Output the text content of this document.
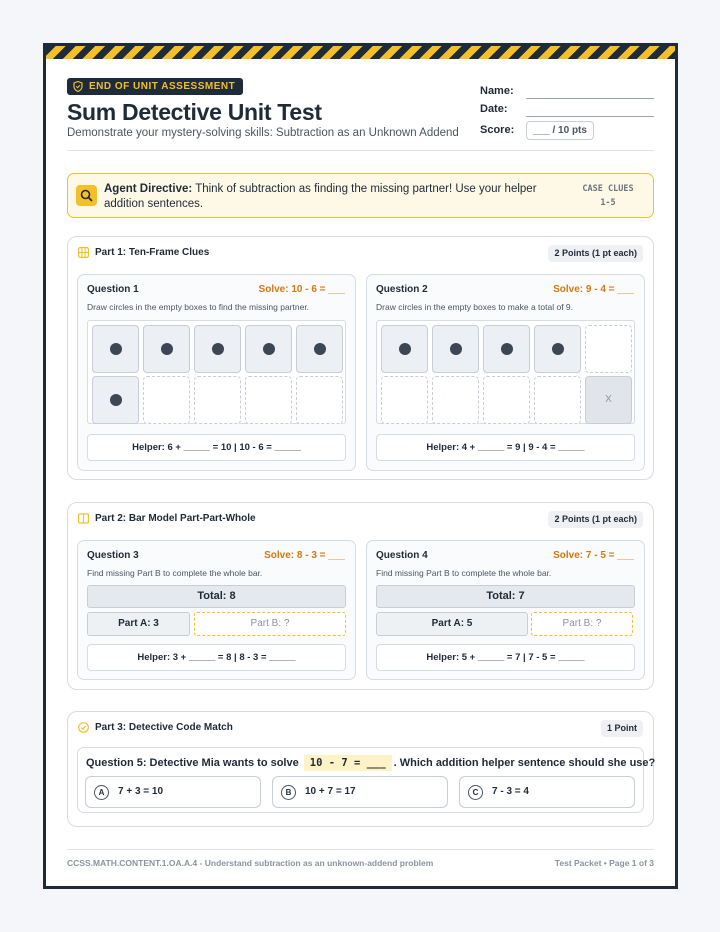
END OF UNIT ASSESSMENT
Sum Detective Unit Test
Demonstrate your mystery-solving skills: Subtraction as an Unknown Addend
Name:
Date:
Score:	___ / 10 pts
Agent Directive: Think of subtraction as finding the missing partner! Use your helper addition sentences.
CASE CLUES 1-5
Part 1: Ten-Frame Clues	2 Points (1 pt each)
Question 1	Solve: 10 - 6 = ___
Draw circles in the empty boxes to find the missing partner.
Helper: 6 + _____ = 10 | 10 - 6 = _____
Question 2	Solve: 9 - 4 = ___
Draw circles in the empty boxes to make a total of 9.
X
Helper: 4 + _____ = 9 | 9 - 4 = _____
Part 2: Bar Model Part-Part-Whole	2 Points (1 pt each)
Question 3	Solve: 8 - 3 = ___
Find missing Part B to complete the whole bar.
Total: 8
Part A: 3	Part B: ?
Helper: 3 + _____ = 8 | 8 - 3 = _____
Question 4	Solve: 7 - 5 = ___
Find missing Part B to complete the whole bar.
Total: 7
Part A: 5	Part B: ?
Helper: 5 + _____ = 7 | 7 - 5 = _____
Part 3: Detective Code Match	1 Point
Question 5: Detective Mia wants to solve 10 - 7 = ___ . Which addition helper sentence should she use?
A	7 + 3 = 10	B	10 + 7 = 17	C	7 - 3 = 4
CCSS.MATH.CONTENT.1.OA.A.4 - Understand subtraction as an unknown-addend problem	Test Packet • Page 1 of 3
